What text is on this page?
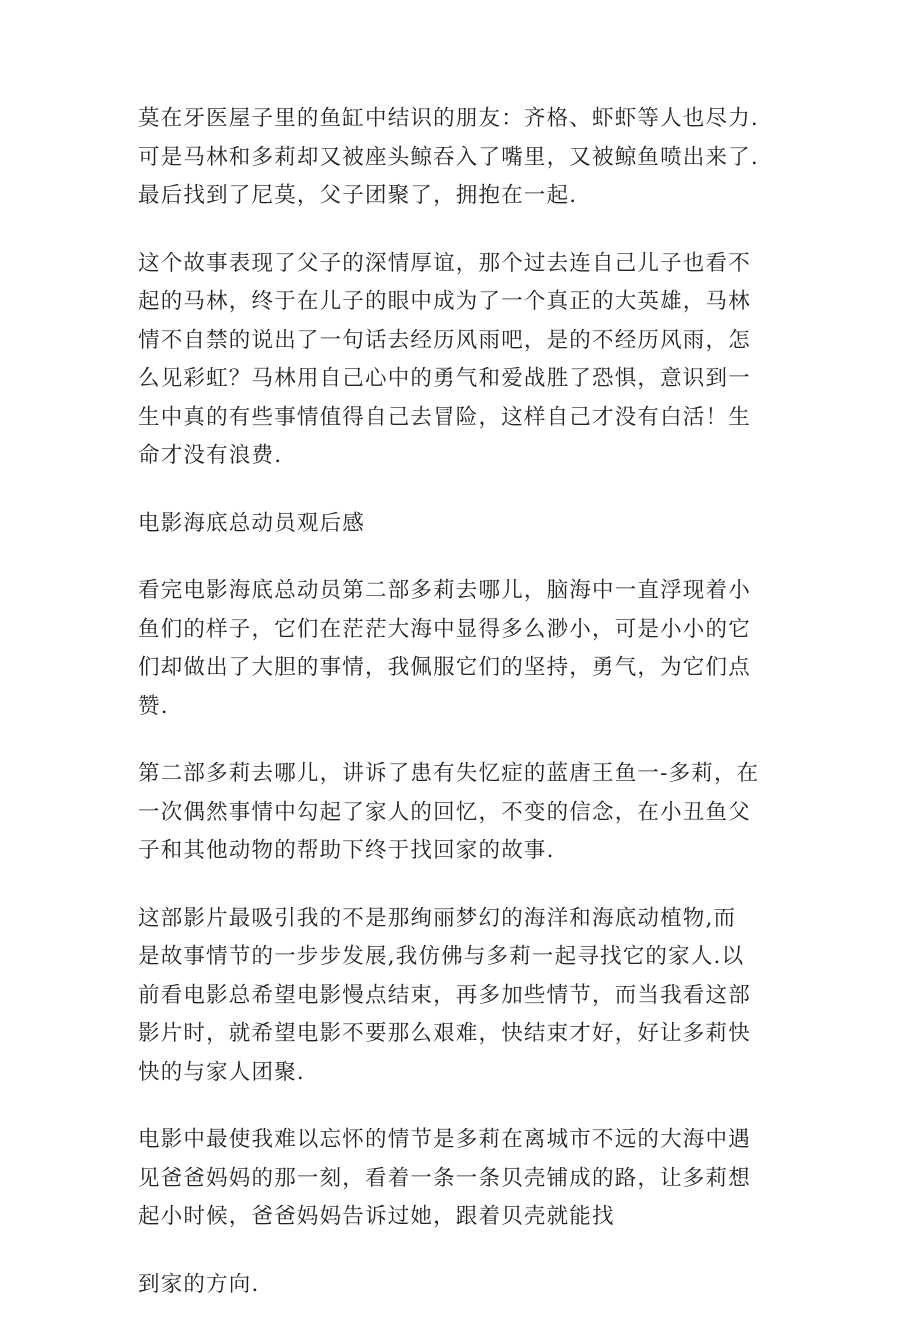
莫在牙医屋子里的鱼缸中结识的朋友：齐格、虾虾等人也尽力.
可是马林和多莉却又被座头鲸吞入了嘴里，又被鲸鱼喷出来了.
最后找到了尼莫，父子团聚了，拥抱在一起.

这个故事表现了父子的深情厚谊，那个过去连自己儿子也看不
起的马林，终于在儿子的眼中成为了一个真正的大英雄，马林
情不自禁的说出了一句话去经历风雨吧，是的不经历风雨，怎
么见彩虹？马林用自己心中的勇气和爱战胜了恐惧，意识到一
生中真的有些事情值得自己去冒险，这样自己才没有白活！生
命才没有浪费.

电影海底总动员观后感

看完电影海底总动员第二部多莉去哪儿，脑海中一直浮现着小
鱼们的样子，它们在茫茫大海中显得多么渺小，可是小小的它
们却做出了大胆的事情，我佩服它们的坚持，勇气，为它们点
赞.

第二部多莉去哪儿，讲诉了患有失忆症的蓝唐王鱼一-多莉，在
一次偶然事情中勾起了家人的回忆，不变的信念，在小丑鱼父
子和其他动物的帮助下终于找回家的故事.

这部影片最吸引我的不是那绚丽梦幻的海洋和海底动植物,而
是故事情节的一步步发展,我仿佛与多莉一起寻找它的家人.以
前看电影总希望电影慢点结束，再多加些情节，而当我看这部
影片时，就希望电影不要那么艰难，快结束才好，好让多莉快
快的与家人团聚.

电影中最使我难以忘怀的情节是多莉在离城市不远的大海中遇
见爸爸妈妈的那一刻，看着一条一条贝壳铺成的路，让多莉想
起小时候，爸爸妈妈告诉过她，跟着贝壳就能找

到家的方向.
